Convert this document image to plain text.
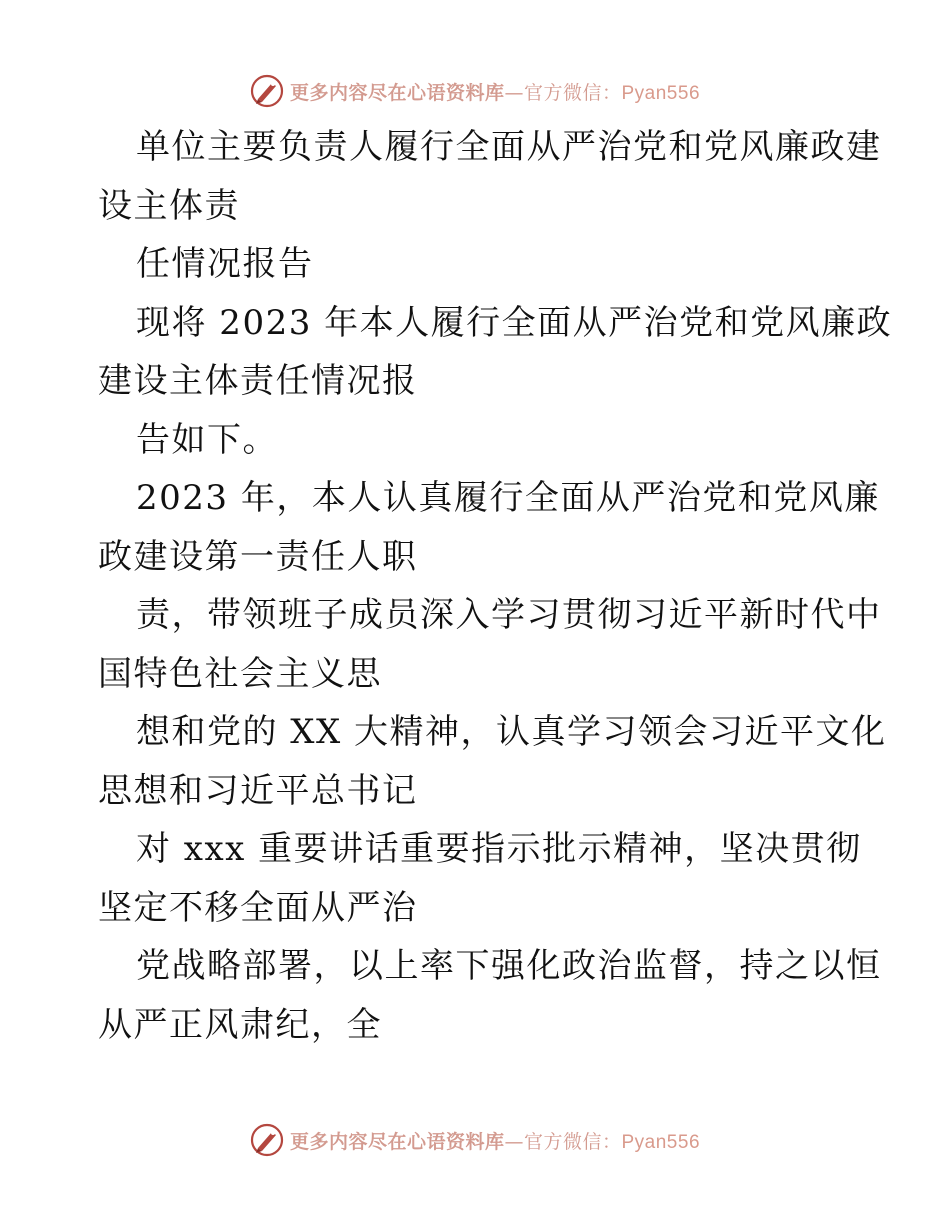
更多内容尽在心语资料库—官方微信：Pyan556
单位主要负责人履行全面从严治党和党风廉政建
设主体责
任情况报告
现将 2023 年本人履行全面从严治党和党风廉政
建设主体责任情况报
告如下。
2023 年，本人认真履行全面从严治党和党风廉
政建设第一责任人职
责，带领班子成员深入学习贯彻习近平新时代中
国特色社会主义思
想和党的 XX 大精神，认真学习领会习近平文化
思想和习近平总书记
对 xxx 重要讲话重要指示批示精神，坚决贯彻
坚定不移全面从严治
党战略部署，以上率下强化政治监督，持之以恒
从严正风肃纪，全
更多内容尽在心语资料库—官方微信：Pyan556
